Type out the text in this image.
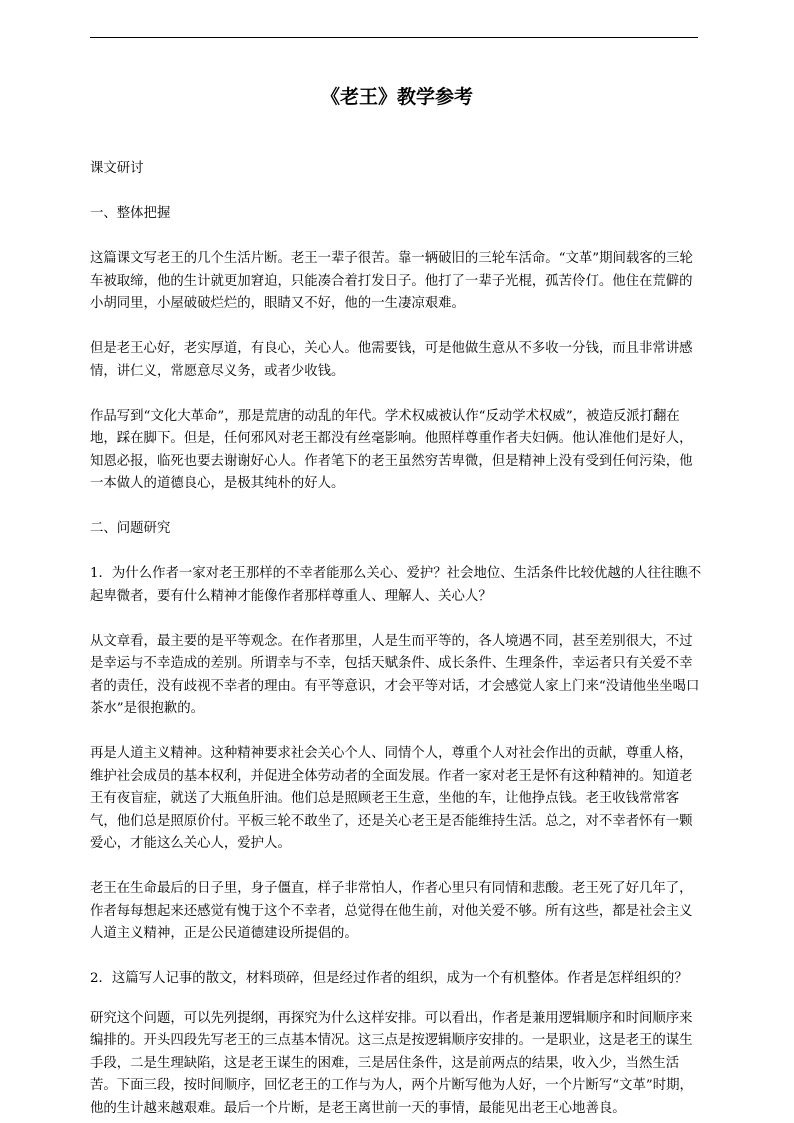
《老王》教学参考

课文研讨

一、整体把握

这篇课文写老王的几个生活片断。老王一辈子很苦。靠一辆破旧的三轮车活命。“文革”期间载客的三轮车被取缔，他的生计就更加窘迫，只能凑合着打发日子。他打了一辈子光棍，孤苦伶仃。他住在荒僻的小胡同里，小屋破破烂烂的，眼睛又不好，他的一生凄凉艰难。

但是老王心好，老实厚道，有良心，关心人。他需要钱，可是他做生意从不多收一分钱，而且非常讲感情，讲仁义，常愿意尽义务，或者少收钱。

作品写到“文化大革命”，那是荒唐的动乱的年代。学术权威被认作“反动学术权威”，被造反派打翻在地，踩在脚下。但是，任何邪风对老王都没有丝毫影响。他照样尊重作者夫妇俩。他认准他们是好人，知恩必报，临死也要去谢谢好心人。作者笔下的老王虽然穷苦卑微，但是精神上没有受到任何污染，他一本做人的道德良心，是极其纯朴的好人。

二、问题研究

1．为什么作者一家对老王那样的不幸者能那么关心、爱护？社会地位、生活条件比较优越的人往往瞧不起卑微者，要有什么精神才能像作者那样尊重人、理解人、关心人？

从文章看，最主要的是平等观念。在作者那里，人是生而平等的，各人境遇不同，甚至差别很大，不过是幸运与不幸造成的差别。所谓幸与不幸，包括天赋条件、成长条件、生理条件，幸运者只有关爱不幸者的责任，没有歧视不幸者的理由。有平等意识，才会平等对话，才会感觉人家上门来“没请他坐坐喝口茶水”是很抱歉的。

再是人道主义精神。这种精神要求社会关心个人、同情个人，尊重个人对社会作出的贡献，尊重人格，维护社会成员的基本权利，并促进全体劳动者的全面发展。作者一家对老王是怀有这种精神的。知道老王有夜盲症，就送了大瓶鱼肝油。他们总是照顾老王生意，坐他的车，让他挣点钱。老王收钱常常客气，他们总是照原价付。平板三轮不敢坐了，还是关心老王是否能维持生活。总之，对不幸者怀有一颗爱心，才能这么关心人，爱护人。

老王在生命最后的日子里，身子僵直，样子非常怕人，作者心里只有同情和悲酸。老王死了好几年了，作者每每想起来还感觉有愧于这个不幸者，总觉得在他生前，对他关爱不够。所有这些，都是社会主义人道主义精神，正是公民道德建设所提倡的。

2．这篇写人记事的散文，材料琐碎，但是经过作者的组织，成为一个有机整体。作者是怎样组织的？

研究这个问题，可以先列提纲，再探究为什么这样安排。可以看出，作者是兼用逻辑顺序和时间顺序来编排的。开头四段先写老王的三点基本情况。这三点是按逻辑顺序安排的。一是职业，这是老王的谋生手段，二是生理缺陷，这是老王谋生的困难，三是居住条件，这是前两点的结果，收入少，当然生活苦。下面三段，按时间顺序，回忆老王的工作与为人，两个片断写他为人好，一个片断写“文革”时期，他的生计越来越艰难。最后一个片断，是老王离世前一天的事情，最能见出老王心地善良。
